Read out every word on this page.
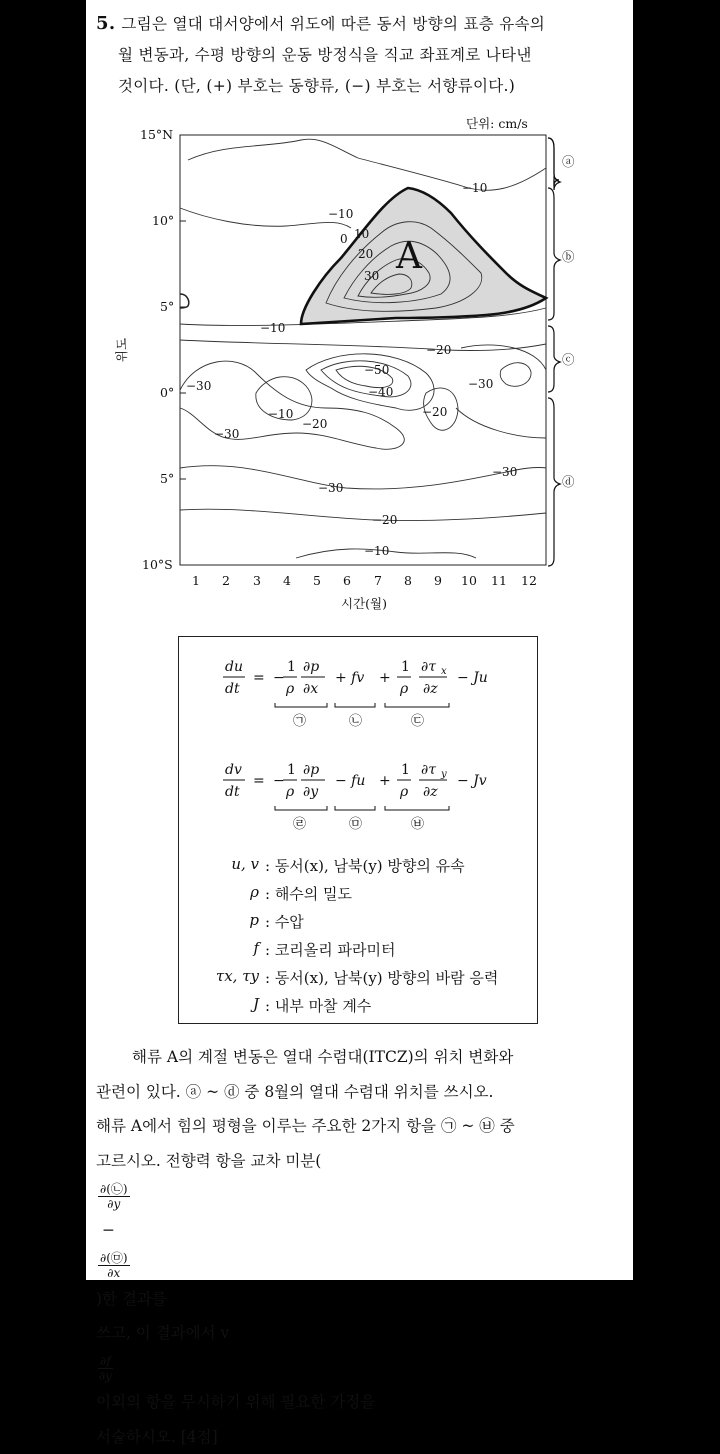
5. 그림은 열대 대서양에서 위도에 따른 동서 방향의 표층 유속의
월 변동과, 수평 방향의 운동 방정식을 직교 좌표계로 나타낸
것이다. (단, (+) 부호는 동향류, (−) 부호는 서향류이다.)
단위: cm/s
15°N
10°
5°
0°
5°
10°S
위도
1 2 3 4 5 6 7 8 9 10 11 12
시간(월)
A
−10
−10
0 10
20
30
−10
−20
−50
−40
−30	−30
−10
−20
−20
−30
−30
−30
−20
−10
ⓐ
ⓑ
ⓒ
ⓓ
du
dt
= −
1
ρ
∂p
∂x
+ fv +
1
ρ
∂τ x
∂z
− Ju
㉠	㉡	㉢
dv
dt
= −
1
ρ
∂p
∂y
− fu +
1
ρ
∂τ y
∂z
− Jv
㉣	㉤	㉥
u, v : 동서(x), 남북(y) 방향의 유속
ρ : 해수의 밀도
p : 수압
f : 코리올리 파라미터
τx, τy : 동서(x), 남북(y) 방향의 바람 응력
J : 내부 마찰 계수
해류 A의 계절 변동은 열대 수렴대(ITCZ)의 위치 변화와
관련이 있다. ⓐ ~ ⓓ 중 8월의 열대 수렴대 위치를 쓰시오.
해류 A에서 힘의 평형을 이루는 주요한 2가지 항을 ㉠ ~ ㉥ 중
고르시오. 전향력 항을 교차 미분(
∂(㉡)
∂y
−
∂(㉤)
∂x
)한 결과를
쓰고, 이 결과에서 v
$\frac{\partial f}{\partial y}$
이외의 항을 무시하기 위해 필요한 가정을
서술하시오. [4점]
